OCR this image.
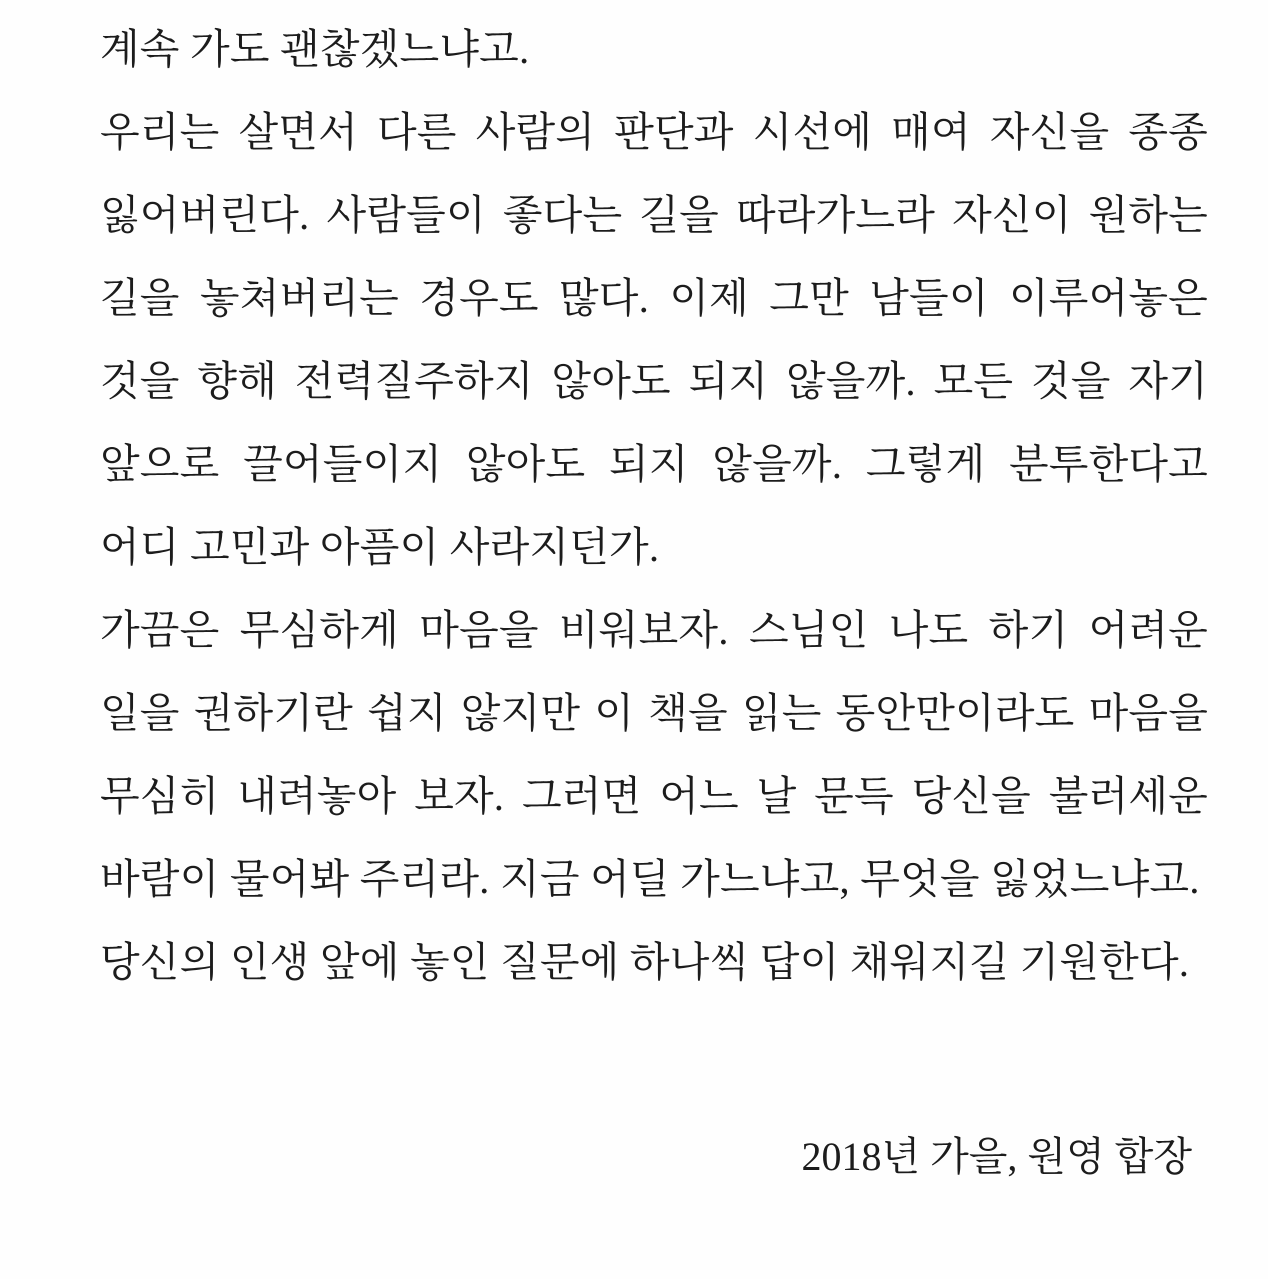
계속 가도 괜찮겠느냐고.

우리는 살면서 다른 사람의 판단과 시선에 매여 자신을 종종 잃어버린다. 사람들이 좋다는 길을 따라가느라 자신이 원하는 길을 놓쳐버리는 경우도 많다. 이제 그만 남들이 이루어놓은 것을 향해 전력질주하지 않아도 되지 않을까. 모든 것을 자기 앞으로 끌어들이지 않아도 되지 않을까. 그렇게 분투한다고 어디 고민과 아픔이 사라지던가.

가끔은 무심하게 마음을 비워보자. 스님인 나도 하기 어려운 일을 권하기란 쉽지 않지만 이 책을 읽는 동안만이라도 마음을 무심히 내려놓아 보자. 그러면 어느 날 문득 당신을 불러세운 바람이 물어봐 주리라. 지금 어딜 가느냐고, 무엇을 잃었느냐고.

당신의 인생 앞에 놓인 질문에 하나씩 답이 채워지길 기원한다.

2018년 가을, 원영 합장
